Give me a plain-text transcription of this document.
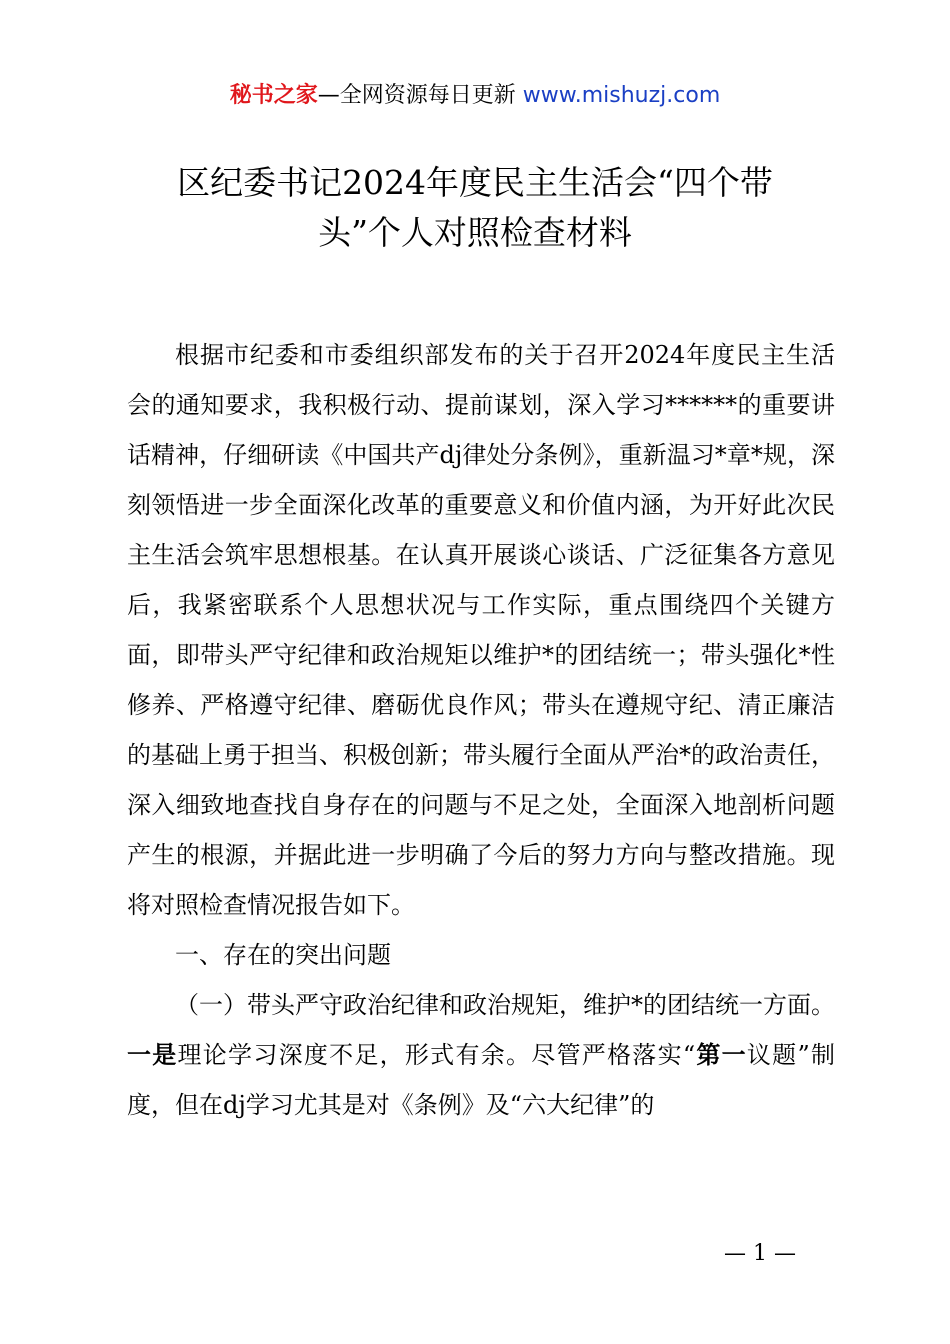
秘书之家—全网资源每日更新 www.mishuzj.com
区纪委书记2024年度民主生活会“四个带
头”个人对照检查材料

根据市纪委和市委组织部发布的关于召开2024年度民主生活会的通知要求，我积极行动、提前谋划，深入学习******的重要讲话精神，仔细研读《中国共产dj律处分条例》，重新温习*章*规，深刻领悟进一步全面深化改革的重要意义和价值内涵，为开好此次民主生活会筑牢思想根基。在认真开展谈心谈话、广泛征集各方意见后，我紧密联系个人思想状况与工作实际，重点围绕四个关键方面，即带头严守纪律和政治规矩以维护*的团结统一；带头强化*性修养、严格遵守纪律、磨砺优良作风；带头在遵规守纪、清正廉洁的基础上勇于担当、积极创新；带头履行全面从严治*的政治责任，深入细致地查找自身存在的问题与不足之处，全面深入地剖析问题产生的根源，并据此进一步明确了今后的努力方向与整改措施。现将对照检查情况报告如下。

一、存在的突出问题

（一）带头严守政治纪律和政治规矩，维护*的团结统一方面。一是理论学习深度不足，形式有余。尽管严格落实“第一议题”制度，但在dj学习尤其是对《条例》及“六大纪律”的

— 1 —
